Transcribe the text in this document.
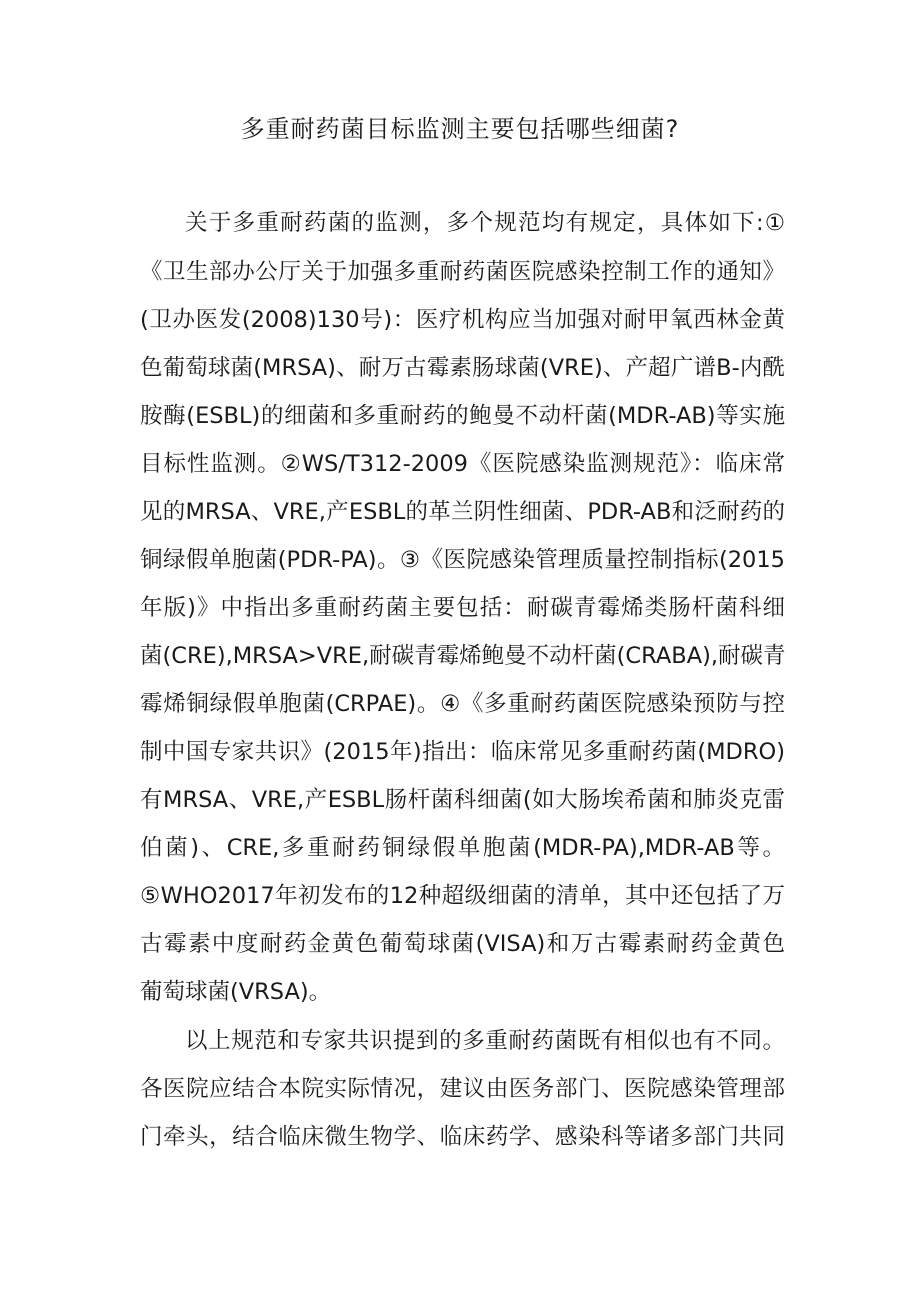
多重耐药菌目标监测主要包括哪些细菌?

关于多重耐药菌的监测，多个规范均有规定，具体如下:①

《卫生部办公厅关于加强多重耐药菌医院感染控制工作的通知》

(卫办医发(2008)130号)：医疗机构应当加强对耐甲氧西林金黄

色葡萄球菌(MRSA)、耐万古霉素肠球菌(VRE)、产超广谱B-内酰

胺酶(ESBL)的细菌和多重耐药的鲍曼不动杆菌(MDR-AB)等实施

目标性监测。②WS/T312-2009《医院感染监测规范》：临床常

见的MRSA、VRE,产ESBL的革兰阴性细菌、PDR-AB和泛耐药的

铜绿假单胞菌(PDR-PA)。③《医院感染管理质量控制指标(2015

年版)》中指出多重耐药菌主要包括：耐碳青霉烯类肠杆菌科细

菌(CRE),MRSA>VRE,耐碳青霉烯鲍曼不动杆菌(CRABA),耐碳青

霉烯铜绿假单胞菌(CRPAE)。④《多重耐药菌医院感染预防与控

制中国专家共识》(2015年)指出：临床常见多重耐药菌(MDRO)

有MRSA、VRE,产ESBL肠杆菌科细菌(如大肠埃希菌和肺炎克雷

伯菌)、CRE,多重耐药铜绿假单胞菌(MDR-PA),MDR-AB等。

⑤WHO2017年初发布的12种超级细菌的清单，其中还包括了万

古霉素中度耐药金黄色葡萄球菌(VISA)和万古霉素耐药金黄色

葡萄球菌(VRSA)。

以上规范和专家共识提到的多重耐药菌既有相似也有不同。

各医院应结合本院实际情况，建议由医务部门、医院感染管理部

门牵头，结合临床微生物学、临床药学、感染科等诸多部门共同
